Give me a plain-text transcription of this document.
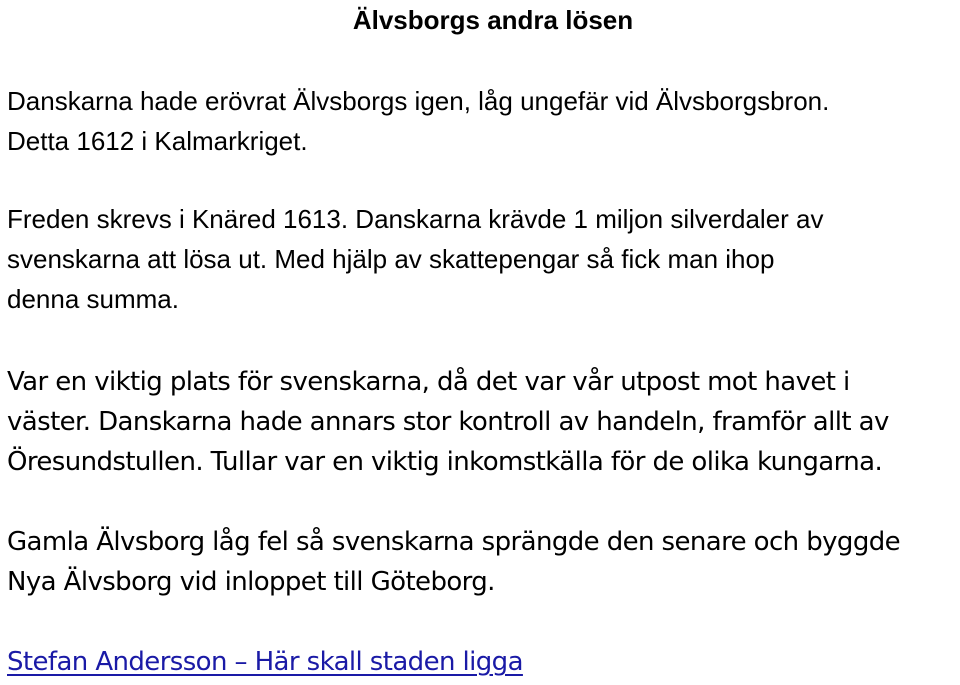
Älvsborgs andra lösen

Danskarna hade erövrat Älvsborgs igen, låg ungefär vid Älvsborgsbron.
Detta 1612 i Kalmarkriget.

Freden skrevs i Knäred 1613. Danskarna krävde 1 miljon silverdaler av
svenskarna att lösa ut. Med hjälp av skattepengar så fick man ihop
denna summa.

Var en viktig plats för svenskarna, då det var vår utpost mot havet i
väster. Danskarna hade annars stor kontroll av handeln, framför allt av
Öresundstullen. Tullar var en viktig inkomstkälla för de olika kungarna.

Gamla Älvsborg låg fel så svenskarna sprängde den senare och byggde
Nya Älvsborg vid inloppet till Göteborg.

Stefan Andersson – Här skall staden ligga
